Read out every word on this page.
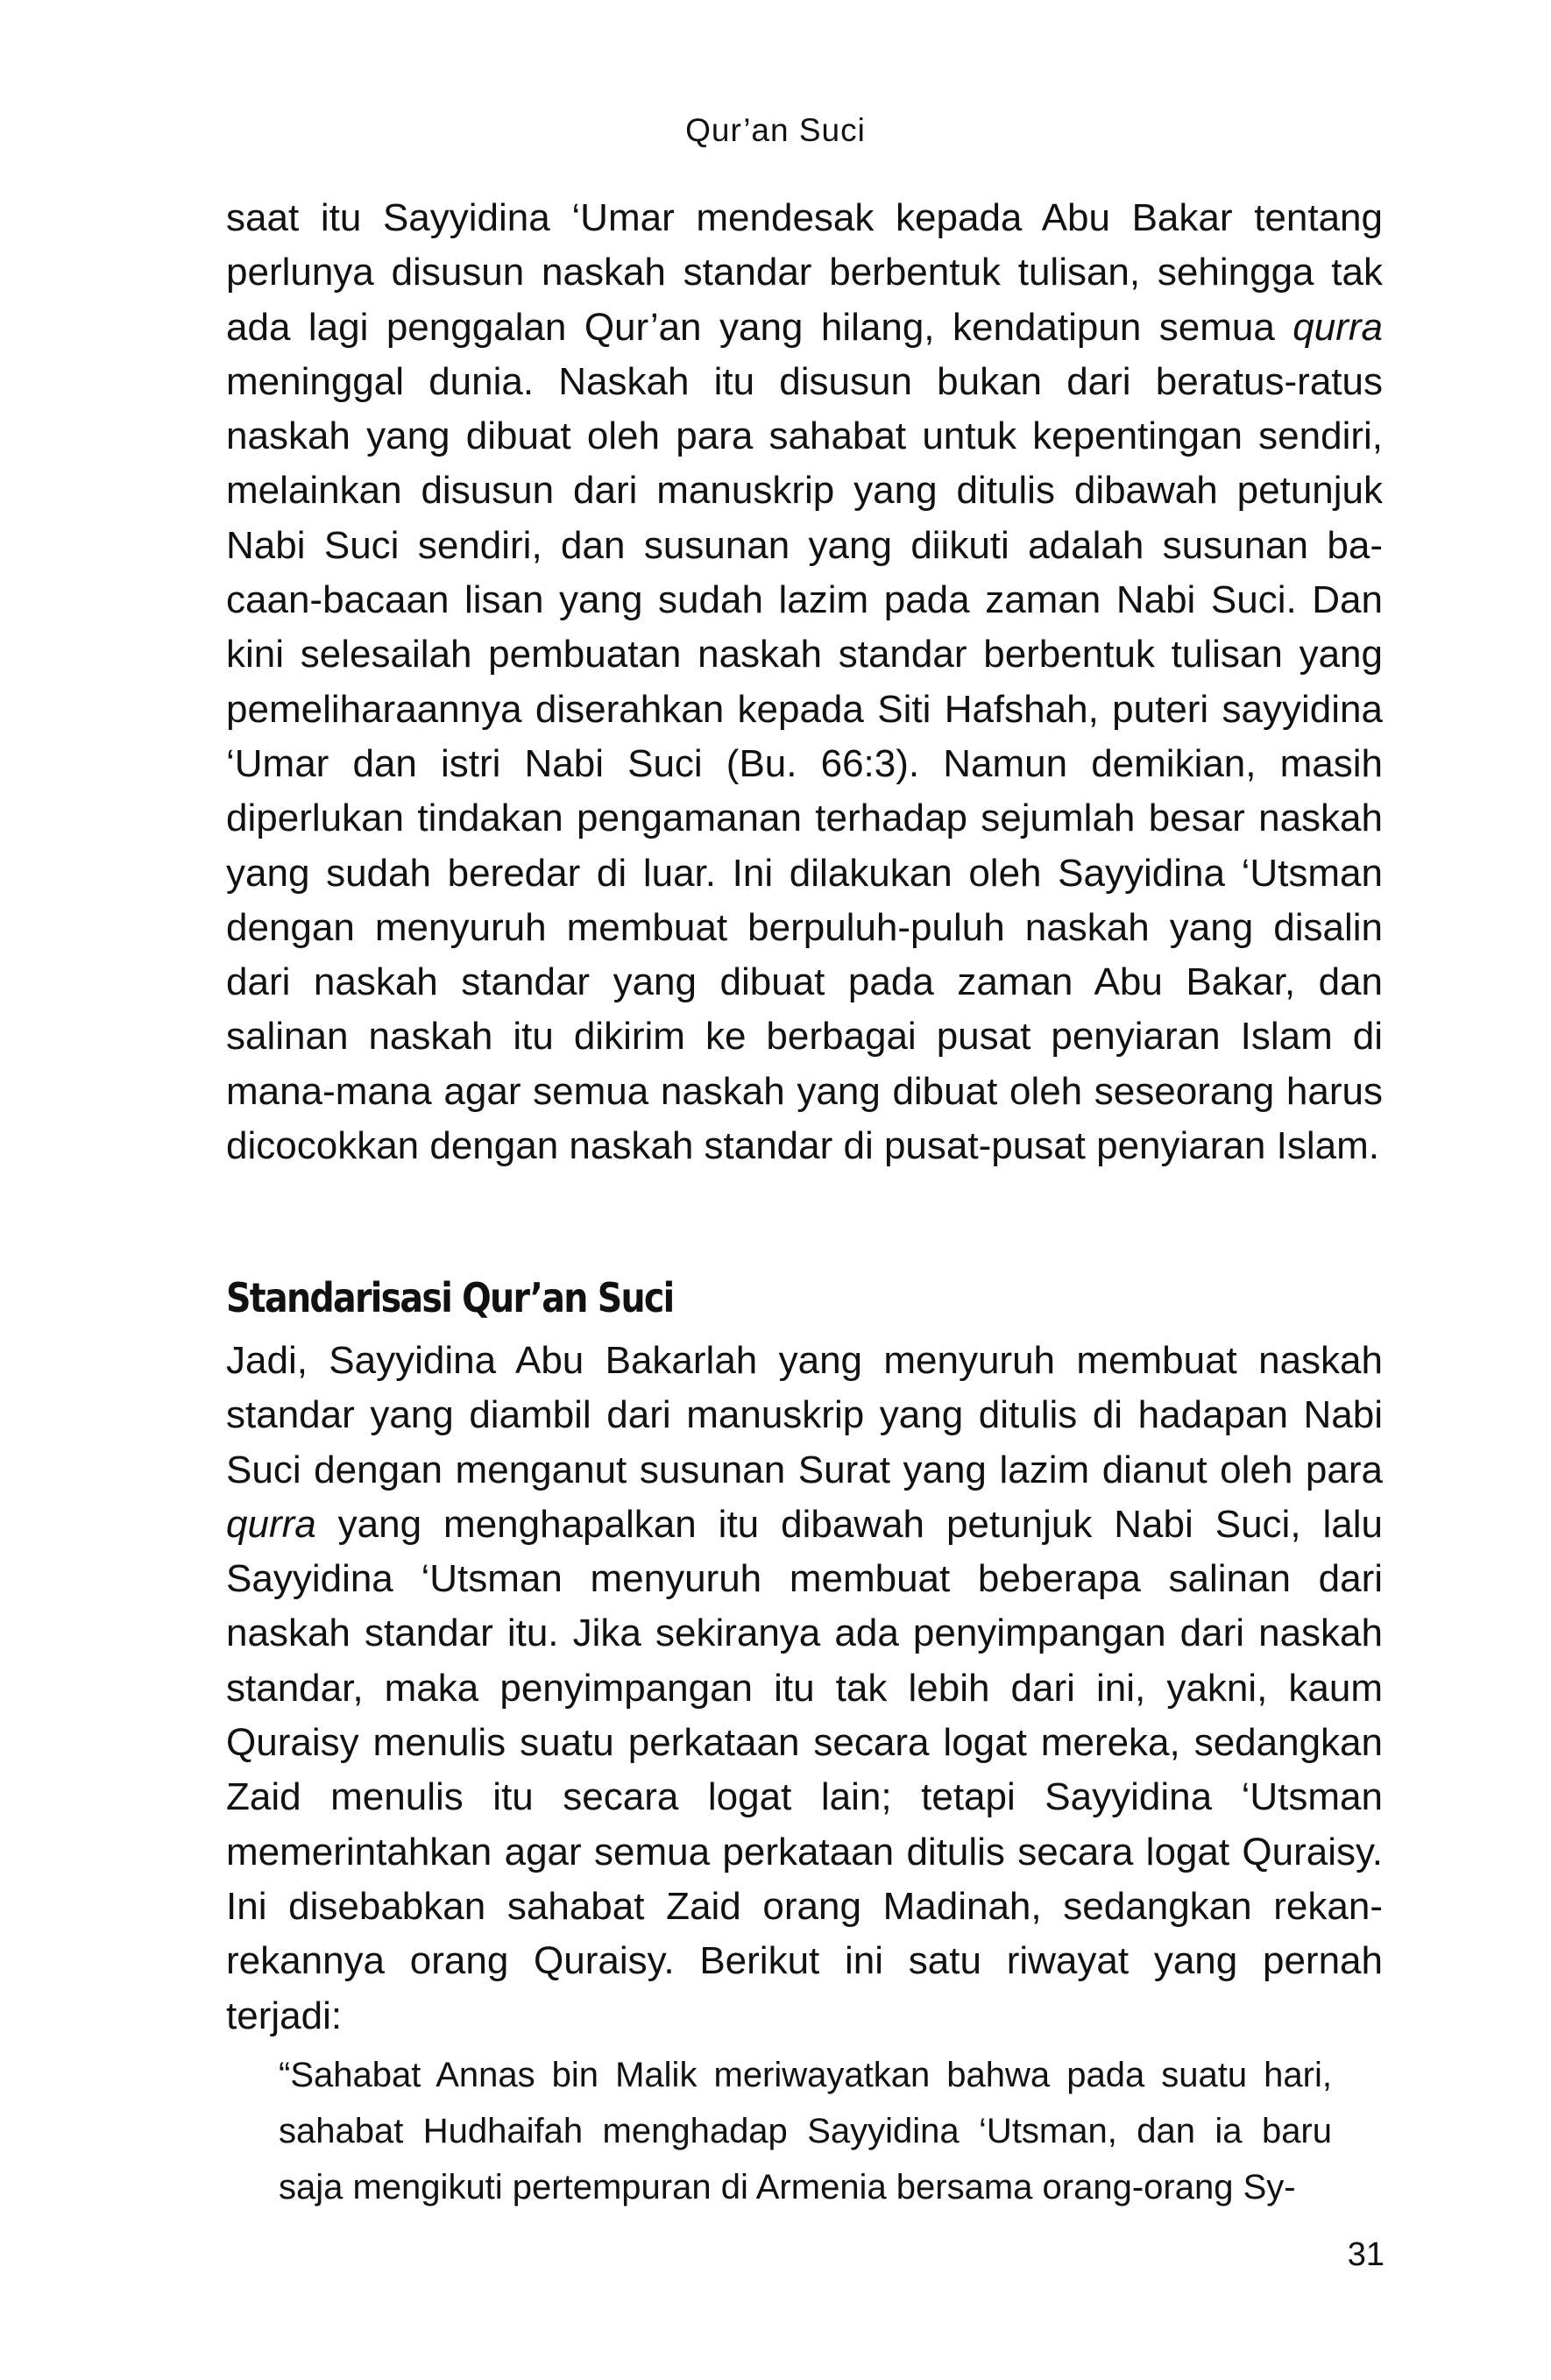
Qur’an Suci

saat itu Sayyidina ‘Umar mendesak kepada Abu Bakar tentang perlunya disusun naskah standar berbentuk tulisan, sehingga tak ada lagi penggalan Qur’an yang hilang, kendatipun semua qurra meninggal dunia. Naskah itu disusun bukan dari beratus-ratus naskah yang dibuat oleh para sahabat untuk kepentingan sendiri, melainkan disusun dari manuskrip yang ditulis dibawah petunjuk Nabi Suci sendiri, dan susunan yang diikuti adalah susunan bacaan-bacaan lisan yang sudah lazim pada zaman Nabi Suci. Dan kini selesailah pembuatan naskah standar berbentuk tulisan yang pemeliharaannya diserahkan kepada Siti Hafshah, puteri sayyidina ‘Umar dan istri Nabi Suci (Bu. 66:3). Namun demikian, masih diperlukan tindakan pengamanan terhadap sejumlah besar naskah yang sudah beredar di luar. Ini dilakukan oleh Sayyidina ‘Utsman dengan menyuruh membuat berpuluh-puluh naskah yang disalin dari naskah standar yang dibuat pada zaman Abu Bakar, dan salinan naskah itu dikirim ke berbagai pusat penyiaran Islam di mana-mana agar semua naskah yang dibuat oleh seseorang harus dicocokkan dengan naskah standar di pusat-pusat penyiaran Islam.

Standarisasi Qur’an Suci

Jadi, Sayyidina Abu Bakarlah yang menyuruh membuat naskah standar yang diambil dari manuskrip yang ditulis di hadapan Nabi Suci dengan menganut susunan Surat yang lazim dianut oleh para qurra yang menghapalkan itu dibawah petunjuk Nabi Suci, lalu Sayyidina ‘Utsman menyuruh membuat beberapa salinan dari naskah standar itu. Jika sekiranya ada penyimpangan dari naskah standar, maka penyimpangan itu tak lebih dari ini, yakni, kaum Quraisy menulis suatu perkataan secara logat mereka, sedangkan Zaid menulis itu secara logat lain; tetapi Sayyidina ‘Utsman memerintahkan agar semua perkataan ditulis secara logat Quraisy. Ini disebabkan sahabat Zaid orang Madinah, sedangkan rekan-rekannya orang Quraisy. Berikut ini satu riwayat yang pernah terjadi:

“Sahabat Annas bin Malik meriwayatkan bahwa pada suatu hari, sahabat Hudhaifah menghadap Sayyidina ‘Utsman, dan ia baru saja mengikuti pertempuran di Armenia bersama orang-orang Sy-

31
